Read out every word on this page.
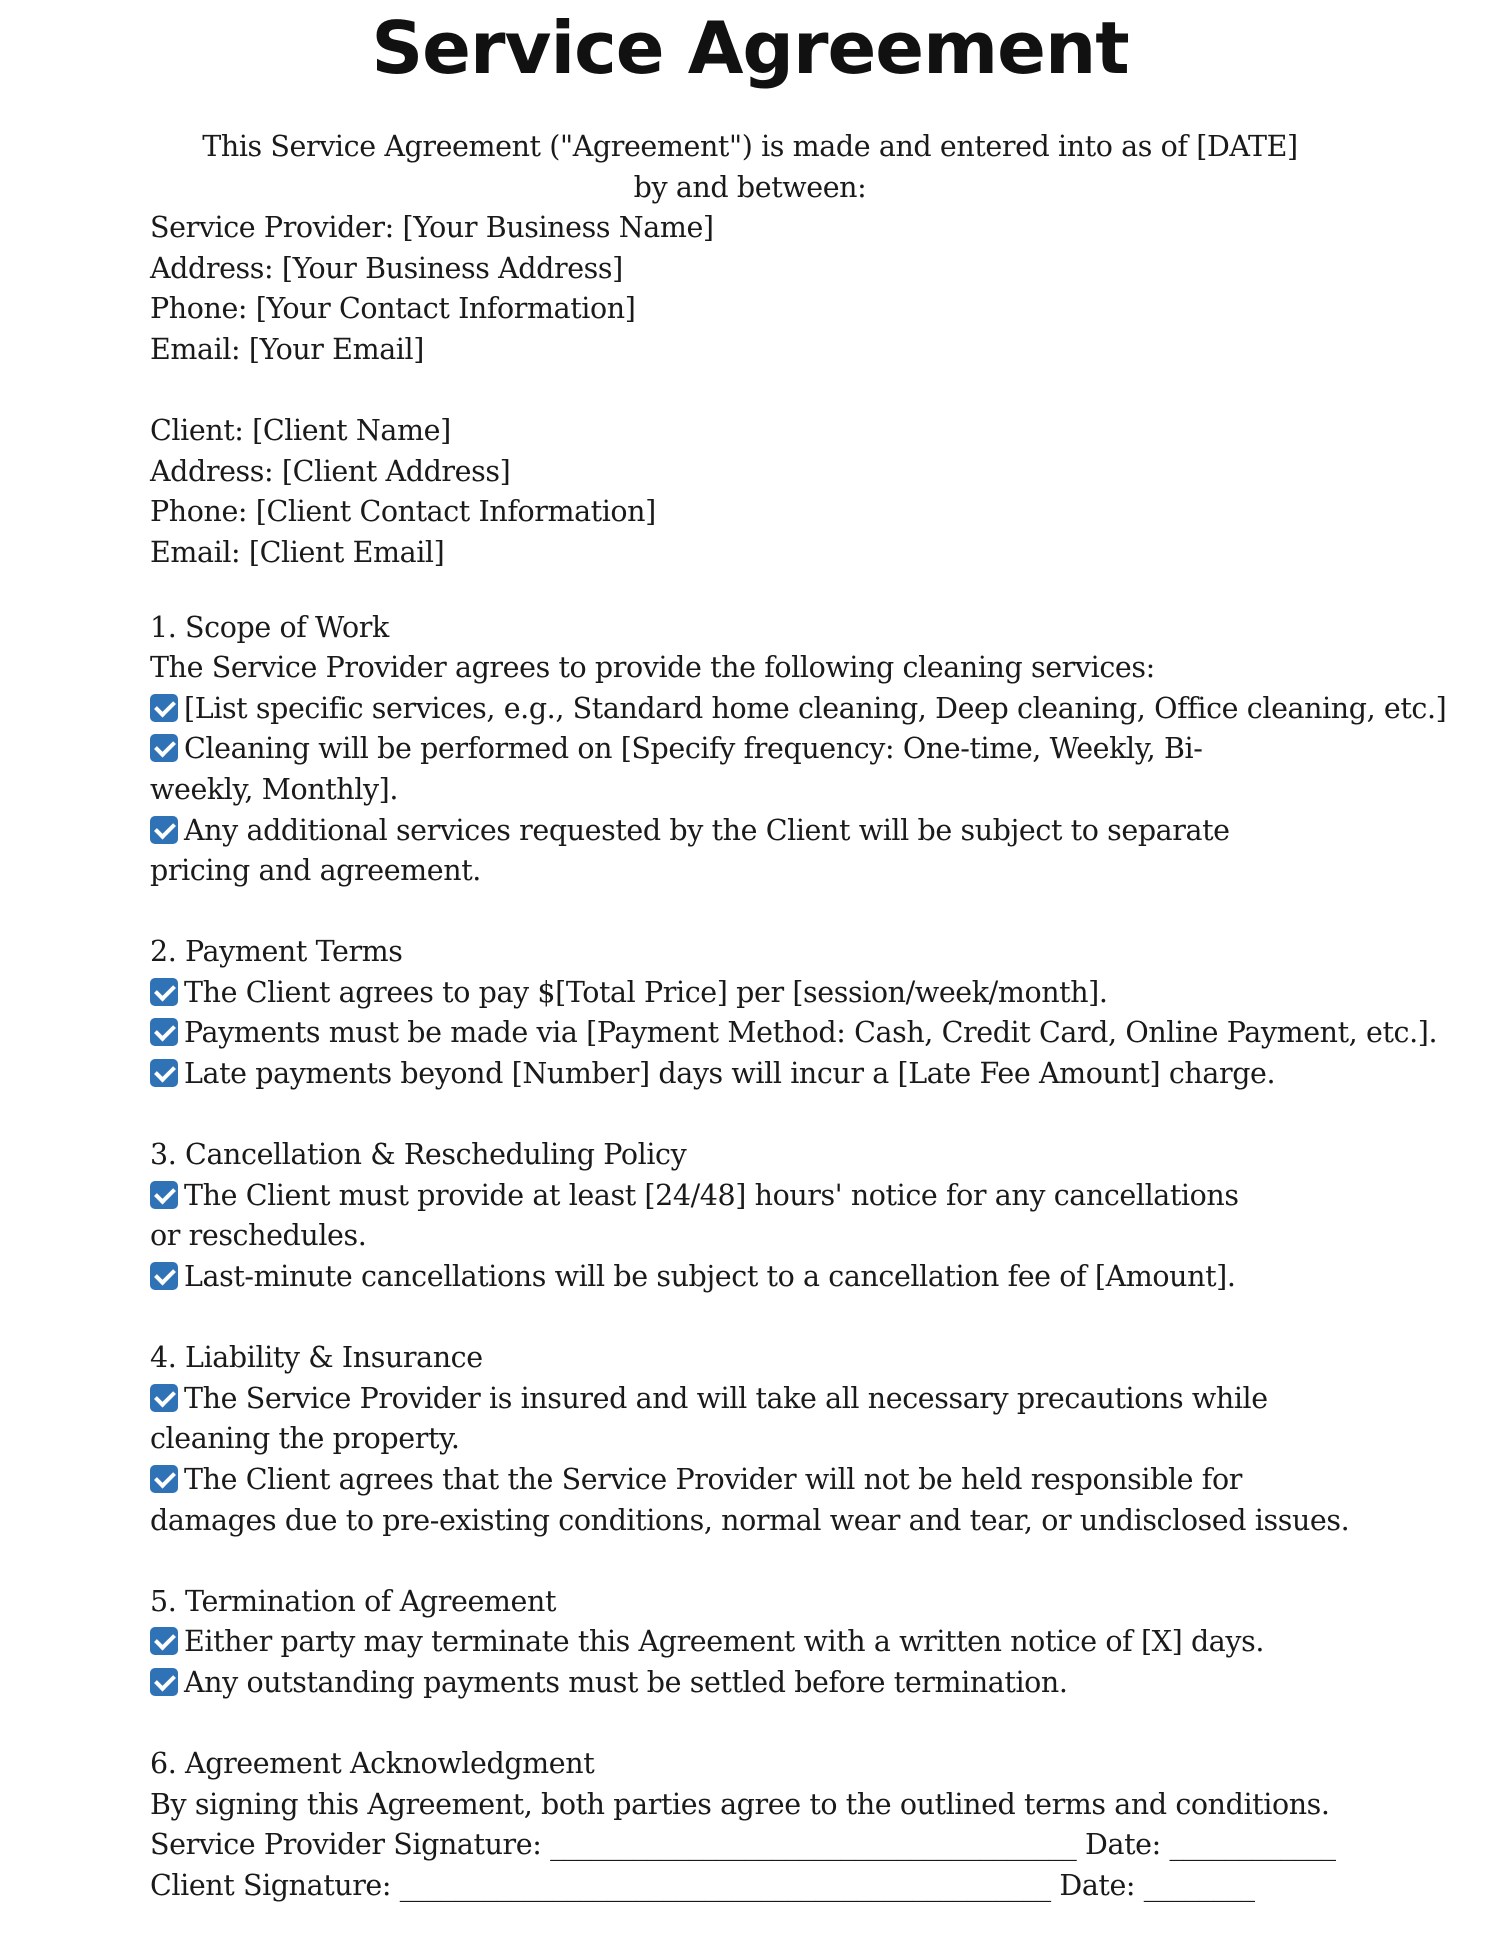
Service Agreement
This Service Agreement ("Agreement") is made and entered into as of [DATE]
by and between:
Service Provider: [Your Business Name]
Address: [Your Business Address]
Phone: [Your Contact Information]
Email: [Your Email]
Client: [Client Name]
Address: [Client Address]
Phone: [Client Contact Information]
Email: [Client Email]
1. Scope of Work
The Service Provider agrees to provide the following cleaning services:
[List specific services, e.g., Standard home cleaning, Deep cleaning, Office cleaning, etc.]
Cleaning will be performed on [Specify frequency: One-time, Weekly, Bi-weekly, Monthly].
Any additional services requested by the Client will be subject to separate pricing and agreement.
2. Payment Terms
The Client agrees to pay $[Total Price] per [session/week/month].
Payments must be made via [Payment Method: Cash, Credit Card, Online Payment, etc.].
Late payments beyond [Number] days will incur a [Late Fee Amount] charge.
3. Cancellation & Rescheduling Policy
The Client must provide at least [24/48] hours' notice for any cancellations or reschedules.
Last-minute cancellations will be subject to a cancellation fee of [Amount].
4. Liability & Insurance
The Service Provider is insured and will take all necessary precautions while cleaning the property.
The Client agrees that the Service Provider will not be held responsible for damages due to pre-existing conditions, normal wear and tear, or undisclosed issues.
5. Termination of Agreement
Either party may terminate this Agreement with a written notice of [X] days.
Any outstanding payments must be settled before termination.
6. Agreement Acknowledgment
By signing this Agreement, both parties agree to the outlined terms and conditions.
Service Provider Signature: ______________________________________ Date: ____________
Client Signature: _______________________________________________ Date: ________
